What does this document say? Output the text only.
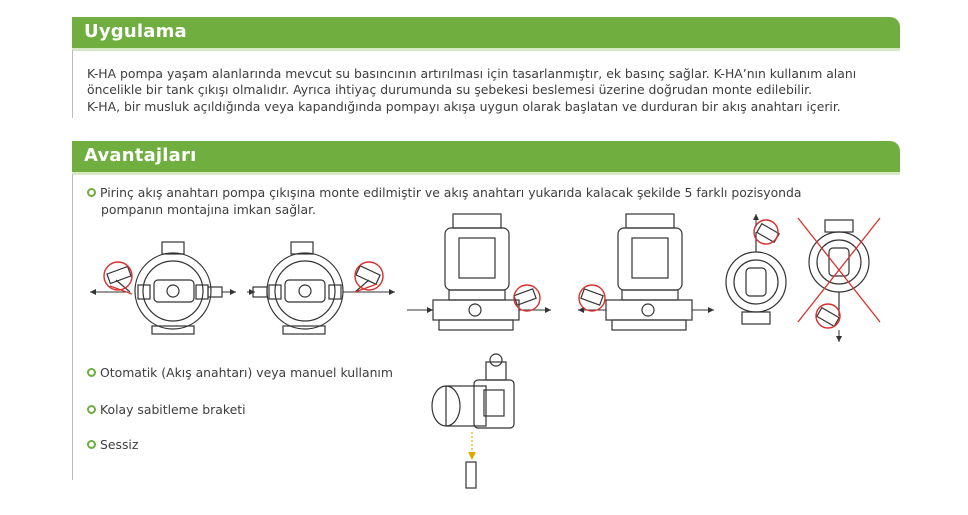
Uygulama
K-HA pompa yaşam alanlarında mevcut su basıncının artırılması için tasarlanmıştır, ek basınç sağlar. K-HA’nın kullanım alanı
öncelikle bir tank çıkışı olmalıdır. Ayrıca ihtiyaç durumunda su şebekesi beslemesi üzerine doğrudan monte edilebilir.
K-HA, bir musluk açıldığında veya kapandığında pompayı akışa uygun olarak başlatan ve durduran bir akış anahtarı içerir.
Avantajları
Pirinç akış anahtarı pompa çıkışına monte edilmiştir ve akış anahtarı yukarıda kalacak şekilde 5 farklı pozisyonda
pompanın montajına imkan sağlar.
Otomatik (Akış anahtarı) veya manuel kullanım
Kolay sabitleme braketi
Sessiz
